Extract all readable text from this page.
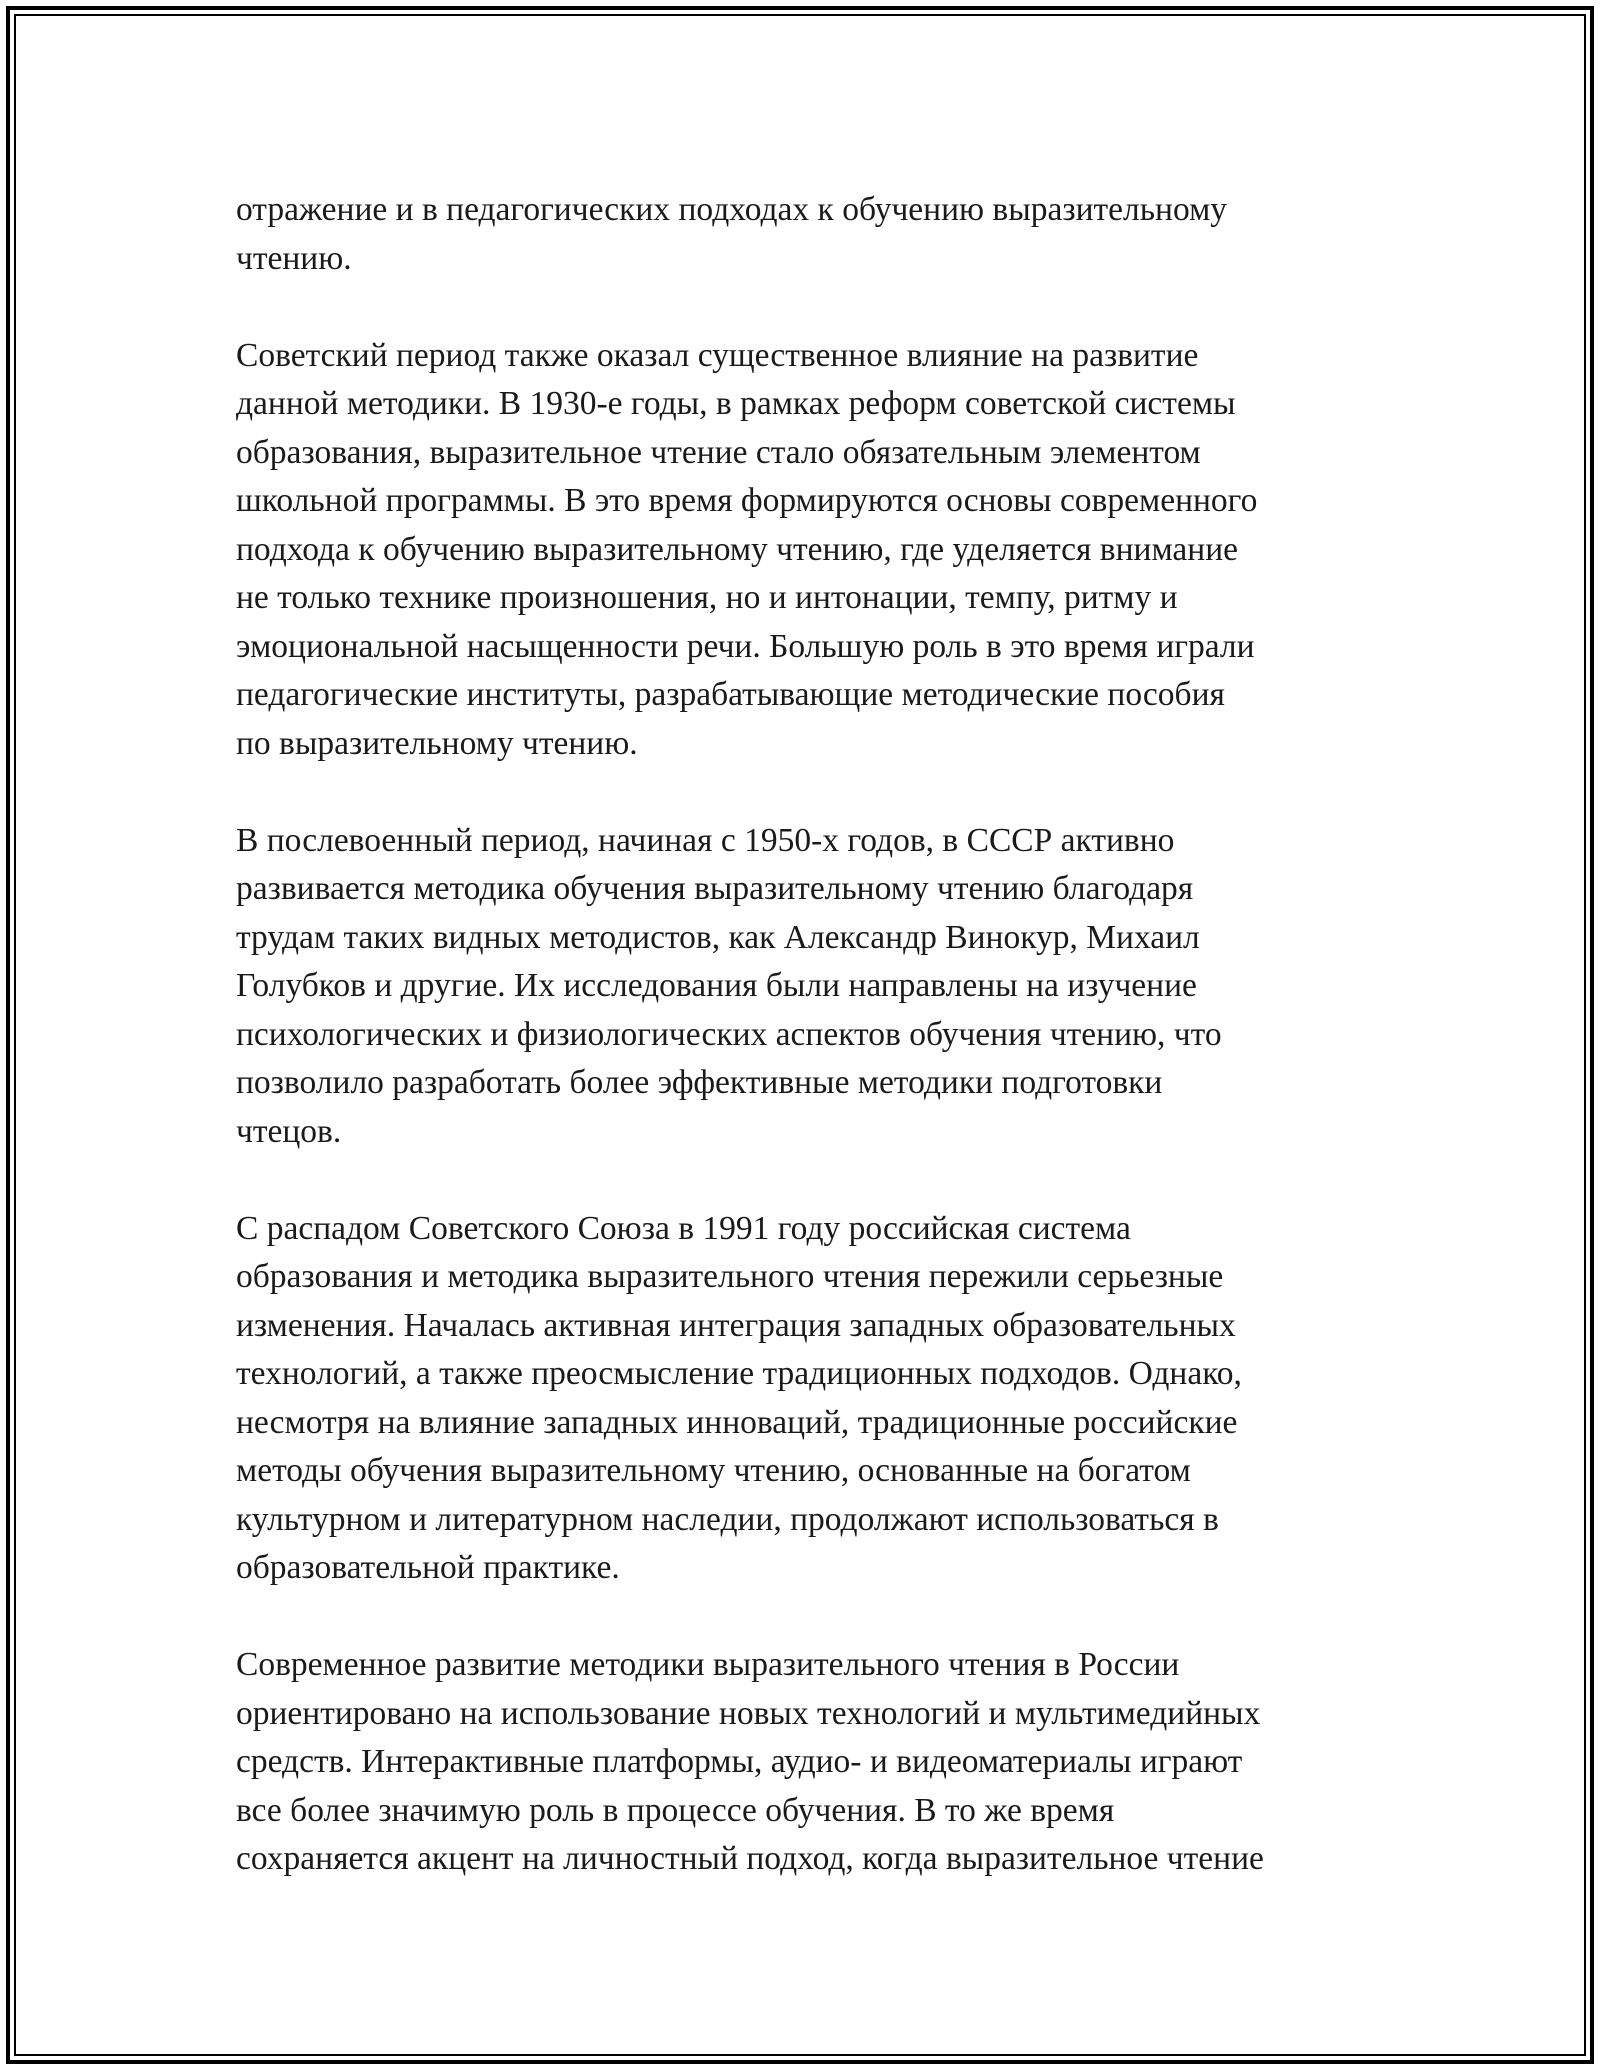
отражение и в педагогических подходах к обучению выразительному
чтению.
Советский период также оказал существенное влияние на развитие
данной методики. В 1930-е годы, в рамках реформ советской системы
образования, выразительное чтение стало обязательным элементом
школьной программы. В это время формируются основы современного
подхода к обучению выразительному чтению, где уделяется внимание
не только технике произношения, но и интонации, темпу, ритму и
эмоциональной насыщенности речи. Большую роль в это время играли
педагогические институты, разрабатывающие методические пособия
по выразительному чтению.
В послевоенный период, начиная с 1950-х годов, в СССР активно
развивается методика обучения выразительному чтению благодаря
трудам таких видных методистов, как Александр Винокур, Михаил
Голубков и другие. Их исследования были направлены на изучение
психологических и физиологических аспектов обучения чтению, что
позволило разработать более эффективные методики подготовки
чтецов.
С распадом Советского Союза в 1991 году российская система
образования и методика выразительного чтения пережили серьезные
изменения. Началась активная интеграция западных образовательных
технологий, а также преосмысление традиционных подходов. Однако,
несмотря на влияние западных инноваций, традиционные российские
методы обучения выразительному чтению, основанные на богатом
культурном и литературном наследии, продолжают использоваться в
образовательной практике.
Современное развитие методики выразительного чтения в России
ориентировано на использование новых технологий и мультимедийных
средств. Интерактивные платформы, аудио- и видеоматериалы играют
все более значимую роль в процессе обучения. В то же время
сохраняется акцент на личностный подход, когда выразительное чтение
